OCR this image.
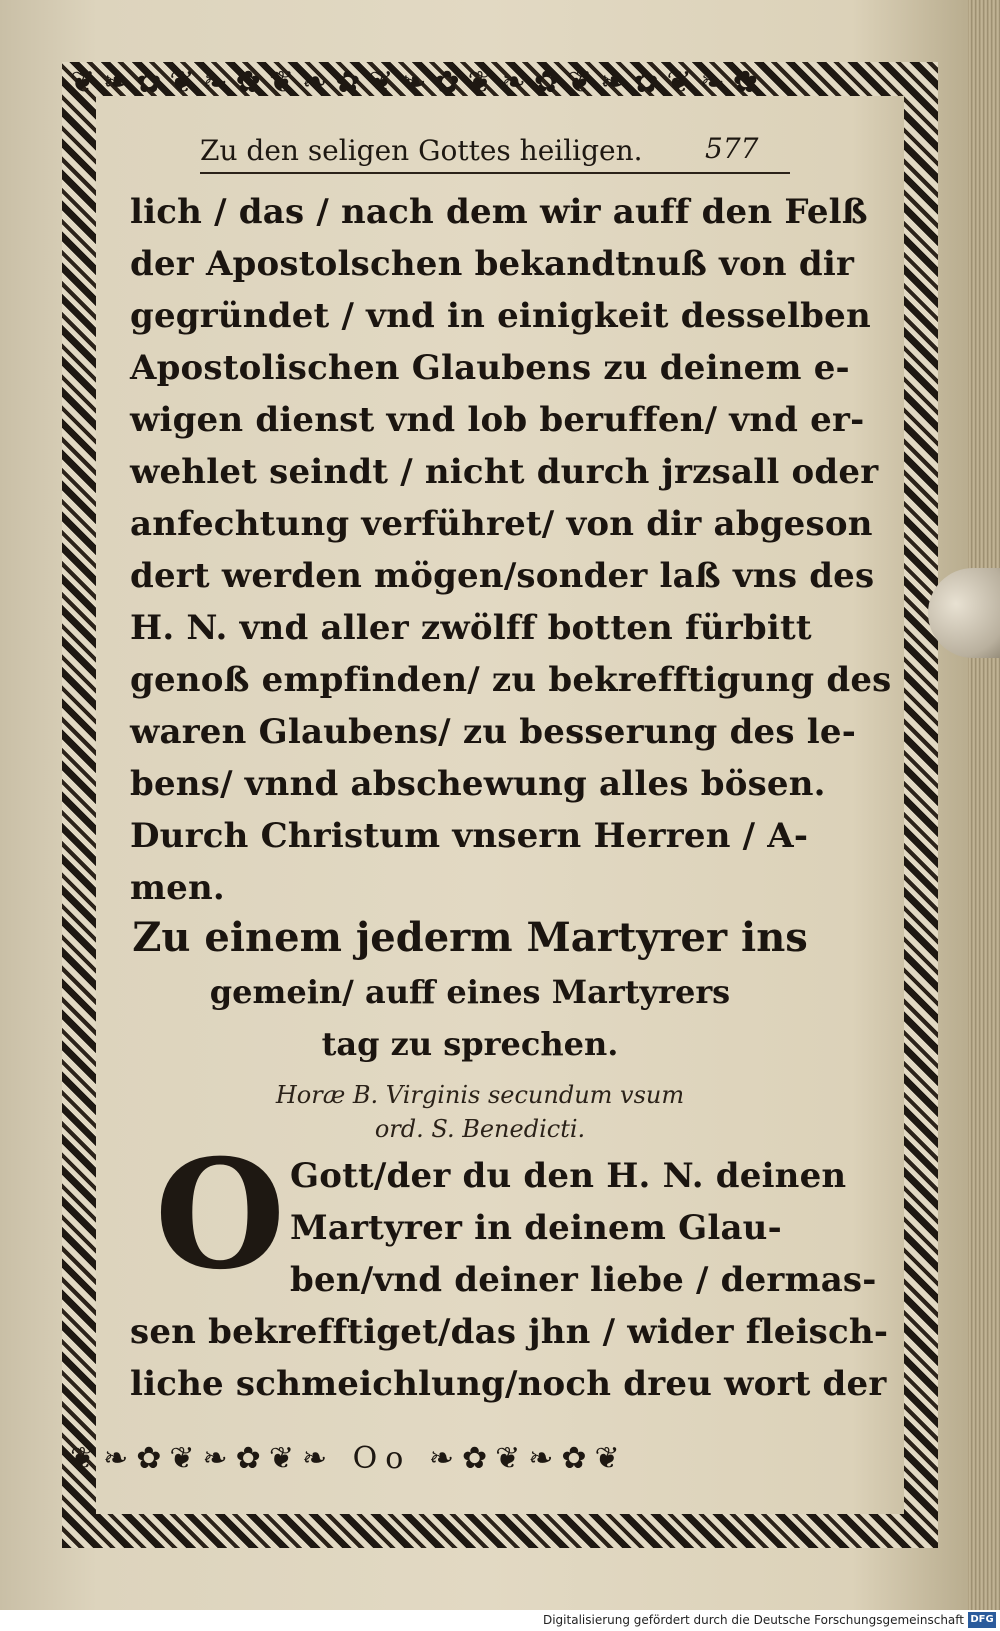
❦❧✿❦❧✿❦❧✿❦❧✿❦❧✿❦❧✿❦❧✿
❦❧✿❦❧✿❦❧ Oo ❧✿❦❧✿❦
Zu den seligen Gottes heiligen. 577
lich / das / nach dem wir auff den Felß
der Apostolschen bekandtnuß von dir
gegründet / vnd in einigkeit desselben
Apostolischen Glaubens zu deinem e-
wigen dienst vnd lob beruffen/ vnd er-
wehlet seindt / nicht durch jrzsall oder
anfechtung verführet/ von dir abgeson
dert werden mögen/sonder laß vns des
H. N. vnd aller zwölff botten fürbitt
genoß empfinden/ zu bekrefftigung des
waren Glaubens/ zu besserung des le-
bens/ vnnd abschewung alles bösen.
Durch Christum vnsern Herren / A-
men.
Zu einem jederm Martyrer ins
gemein/ auff eines Martyrers
tag zu sprechen.
Horæ B. Virginis secundum vsum
ord. S. Benedicti.
O Gott/der du den H. N. deinen
Martyrer in deinem Glau-
ben/vnd deiner liebe / dermas-
sen bekrefftiget/das jhn / wider fleisch-
liche schmeichlung/noch dreu wort der
Digitalisierung gefördert durch die Deutsche Forschungsgemeinschaft DFG
